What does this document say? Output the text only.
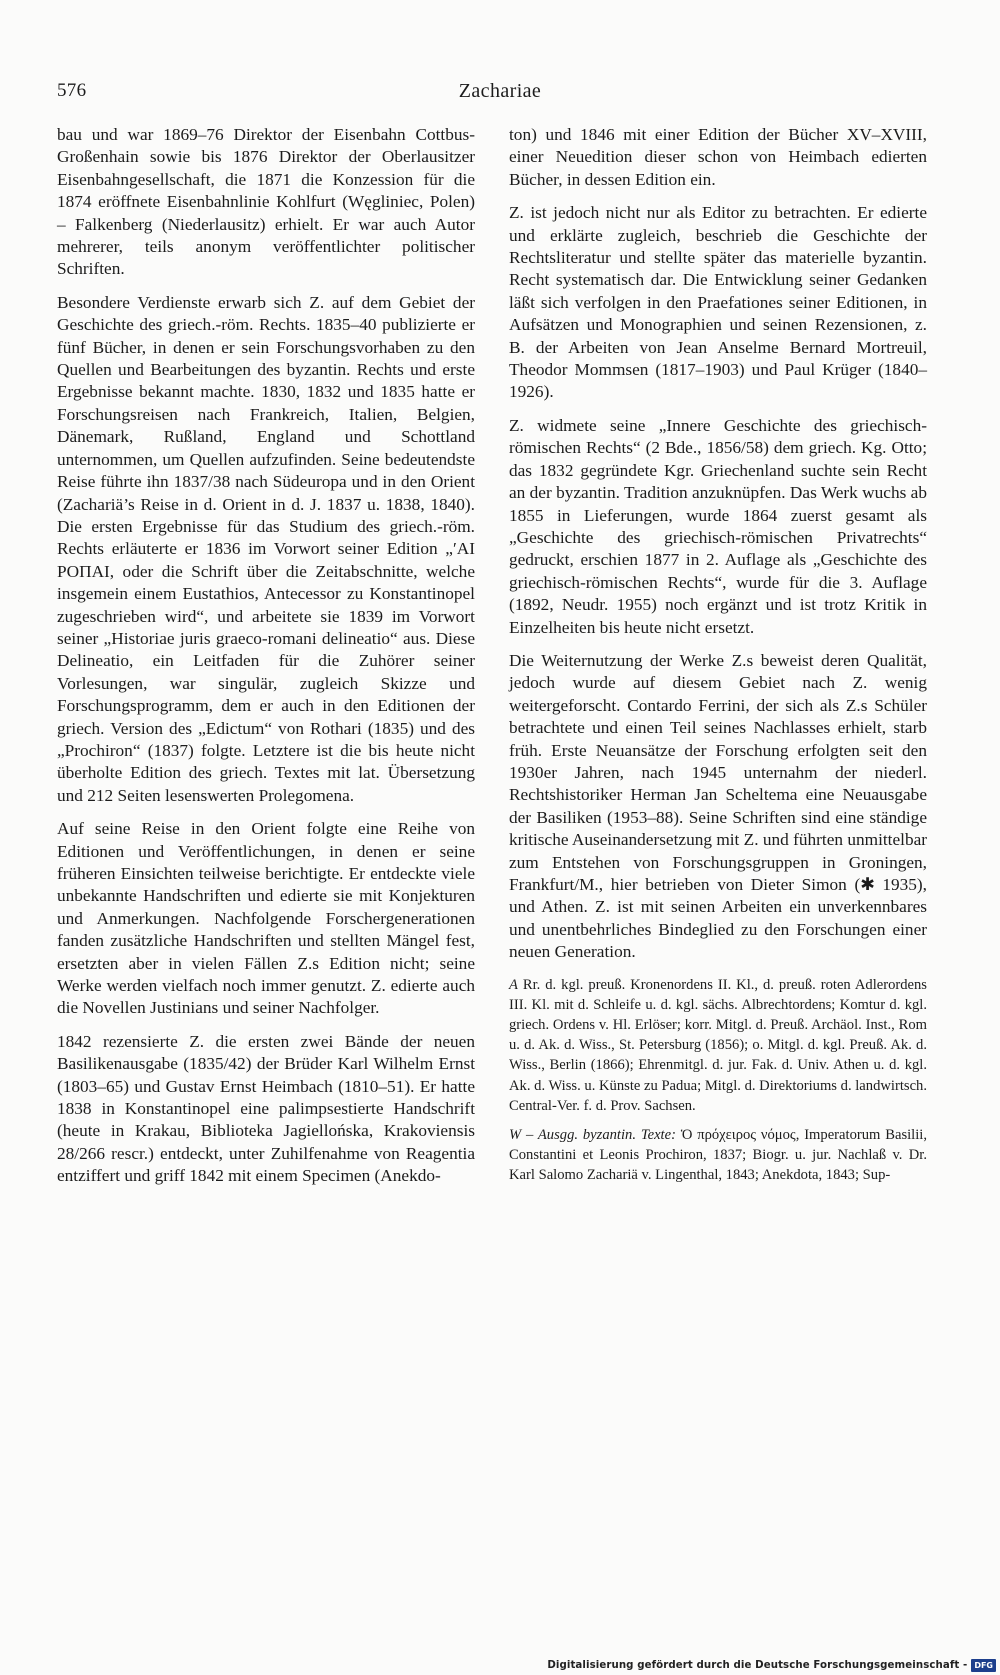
576	Zachariae

bau und war 1869–76 Direktor der Eisenbahn Cottbus-Großenhain sowie bis 1876 Direktor der Oberlausitzer Eisenbahngesellschaft, die 1871 die Konzession für die 1874 eröffnete Eisenbahnlinie Kohlfurt (Węgliniec, Polen) – Falkenberg (Niederlausitz) erhielt. Er war auch Autor mehrerer, teils anonym veröffentlichter politischer Schriften.

Besondere Verdienste erwarb sich Z. auf dem Gebiet der Geschichte des griech.-röm. Rechts. 1835–40 publizierte er fünf Bücher, in denen er sein Forschungsvorhaben zu den Quellen und Bearbeitungen des byzantin. Rechts und erste Ergebnisse bekannt machte. 1830, 1832 und 1835 hatte er Forschungsreisen nach Frankreich, Italien, Belgien, Dänemark, Rußland, England und Schottland unternommen, um Quellen aufzufinden. Seine bedeutendste Reise führte ihn 1837/38 nach Südeuropa und in den Orient (Zachariä’s Reise in d. Orient in d. J. 1837 u. 1838, 1840). Die ersten Ergebnisse für das Studium des griech.-röm. Rechts erläuterte er 1836 im Vorwort seiner Edition „ʹΑΙ ΡΟΠΑΙ, oder die Schrift über die Zeitabschnitte, welche insgemein einem Eustathios, Antecessor zu Konstantinopel zugeschrieben wird“, und arbeitete sie 1839 im Vorwort seiner „Historiae juris graeco-romani delineatio“ aus. Diese Delineatio, ein Leitfaden für die Zuhörer seiner Vorlesungen, war singulär, zugleich Skizze und Forschungsprogramm, dem er auch in den Editionen der griech. Version des „Edictum“ von Rothari (1835) und des „Prochiron“ (1837) folgte. Letztere ist die bis heute nicht überholte Edition des griech. Textes mit lat. Übersetzung und 212 Seiten lesenswerten Prolegomena.

Auf seine Reise in den Orient folgte eine Reihe von Editionen und Veröffentlichungen, in denen er seine früheren Einsichten teilweise berichtigte. Er entdeckte viele unbekannte Handschriften und edierte sie mit Konjekturen und Anmerkungen. Nachfolgende Forschergenerationen fanden zusätzliche Handschriften und stellten Mängel fest, ersetzten aber in vielen Fällen Z.s Edition nicht; seine Werke werden vielfach noch immer genutzt. Z. edierte auch die Novellen Justinians und seiner Nachfolger.

1842 rezensierte Z. die ersten zwei Bände der neuen Basilikenausgabe (1835/42) der Brüder Karl Wilhelm Ernst (1803–65) und Gustav Ernst Heimbach (1810–51). Er hatte 1838 in Konstantinopel eine palimpsestierte Handschrift (heute in Krakau, Biblioteka Jagiellońska, Krakoviensis 28/266 rescr.) entdeckt, unter Zuhilfenahme von Reagentia entziffert und griff 1842 mit einem Specimen (Anekdo-

ton) und 1846 mit einer Edition der Bücher XV–XVIII, einer Neuedition dieser schon von Heimbach edierten Bücher, in dessen Edition ein.

Z. ist jedoch nicht nur als Editor zu betrachten. Er edierte und erklärte zugleich, beschrieb die Geschichte der Rechtsliteratur und stellte später das materielle byzantin. Recht systematisch dar. Die Entwicklung seiner Gedanken läßt sich verfolgen in den Praefationes seiner Editionen, in Aufsätzen und Monographien und seinen Rezensionen, z. B. der Arbeiten von Jean Anselme Bernard Mortreuil, Theodor Mommsen (1817–1903) und Paul Krüger (1840–1926).

Z. widmete seine „Innere Geschichte des griechisch-römischen Rechts“ (2 Bde., 1856/58) dem griech. Kg. Otto; das 1832 gegründete Kgr. Griechenland suchte sein Recht an der byzantin. Tradition anzuknüpfen. Das Werk wuchs ab 1855 in Lieferungen, wurde 1864 zuerst gesamt als „Geschichte des griechisch-römischen Privatrechts“ gedruckt, erschien 1877 in 2. Auflage als „Geschichte des griechisch-römischen Rechts“, wurde für die 3. Auflage (1892, Neudr. 1955) noch ergänzt und ist trotz Kritik in Einzelheiten bis heute nicht ersetzt.

Die Weiternutzung der Werke Z.s beweist deren Qualität, jedoch wurde auf diesem Gebiet nach Z. wenig weitergeforscht. Contardo Ferrini, der sich als Z.s Schüler betrachtete und einen Teil seines Nachlasses erhielt, starb früh. Erste Neuansätze der Forschung erfolgten seit den 1930er Jahren, nach 1945 unternahm der niederl. Rechtshistoriker Herman Jan Scheltema eine Neuausgabe der Basiliken (1953–88). Seine Schriften sind eine ständige kritische Auseinandersetzung mit Z. und führten unmittelbar zum Entstehen von Forschungsgruppen in Groningen, Frankfurt/M., hier betrieben von Dieter Simon (✱ 1935), und Athen. Z. ist mit seinen Arbeiten ein unverkennbares und unentbehrliches Bindeglied zu den Forschungen einer neuen Generation.

A Rr. d. kgl. preuß. Kronenordens II. Kl., d. preuß. roten Adlerordens III. Kl. mit d. Schleife u. d. kgl. sächs. Albrechtordens; Komtur d. kgl. griech. Ordens v. Hl. Erlöser; korr. Mitgl. d. Preuß. Archäol. Inst., Rom u. d. Ak. d. Wiss., St. Petersburg (1856); o. Mitgl. d. kgl. Preuß. Ak. d. Wiss., Berlin (1866); Ehrenmitgl. d. jur. Fak. d. Univ. Athen u. d. kgl. Ak. d. Wiss. u. Künste zu Padua; Mitgl. d. Direktoriums d. landwirtsch. Central-Ver. f. d. Prov. Sachsen.

W – Ausgg. byzantin. Texte: Ὁ πρόχειρος νόμος, Imperatorum Basilii, Constantini et Leonis Prochiron, 1837; Biogr. u. jur. Nachlaß v. Dr. Karl Salomo Zachariä v. Lingenthal, 1843; Anekdota, 1843; Sup-

Digitalisierung gefördert durch die Deutsche Forschungsgemeinschaft - DFG
